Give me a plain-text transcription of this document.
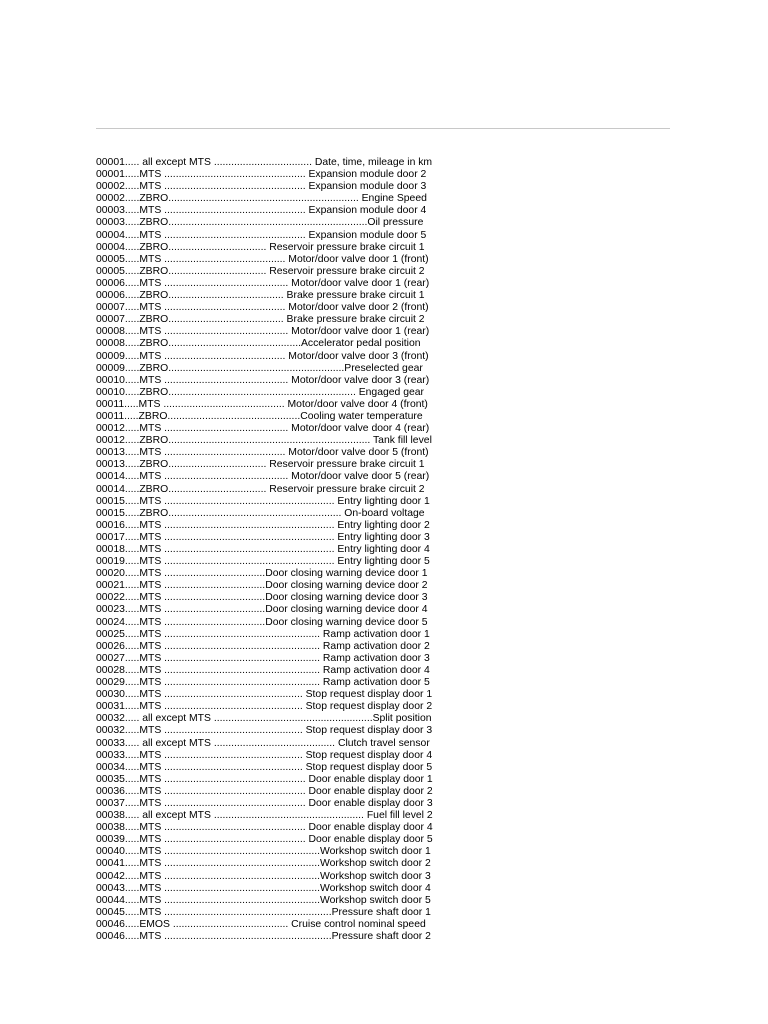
00001..... all except MTS .................................. Date, time, mileage in km
00001.....MTS ................................................. Expansion module door 2
00002.....MTS ................................................. Expansion module door 3
00002.....ZBRO.................................................................. Engine Speed
00003.....MTS ................................................. Expansion module door 4
00003.....ZBRO.....................................................................Oil pressure
00004.....MTS ................................................. Expansion module door 5
00004.....ZBRO.................................. Reservoir pressure brake circuit 1
00005.....MTS .......................................... Motor/door valve door 1 (front)
00005.....ZBRO.................................. Reservoir pressure brake circuit 2
00006.....MTS ........................................... Motor/door valve door 1 (rear)
00006.....ZBRO........................................ Brake pressure brake circuit 1
00007.....MTS .......................................... Motor/door valve door 2 (front)
00007.....ZBRO........................................ Brake pressure brake circuit 2
00008.....MTS ........................................... Motor/door valve door 1 (rear)
00008.....ZBRO..............................................Accelerator pedal position
00009.....MTS .......................................... Motor/door valve door 3 (front)
00009.....ZBRO.............................................................Preselected gear
00010.....MTS ........................................... Motor/door valve door 3 (rear)
00010.....ZBRO................................................................. Engaged gear
00011.....MTS .......................................... Motor/door valve door 4 (front)
00011.....ZBRO..............................................Cooling water temperature
00012.....MTS ........................................... Motor/door valve door 4 (rear)
00012.....ZBRO...................................................................... Tank fill level
00013.....MTS .......................................... Motor/door valve door 5 (front)
00013.....ZBRO.................................. Reservoir pressure brake circuit 1
00014.....MTS ........................................... Motor/door valve door 5 (rear)
00014.....ZBRO.................................. Reservoir pressure brake circuit 2
00015.....MTS ........................................................... Entry lighting door 1
00015.....ZBRO............................................................ On-board voltage
00016.....MTS ........................................................... Entry lighting door 2
00017.....MTS ........................................................... Entry lighting door 3
00018.....MTS ........................................................... Entry lighting door 4
00019.....MTS ........................................................... Entry lighting door 5
00020.....MTS ...................................Door closing warning device door 1
00021.....MTS ...................................Door closing warning device door 2
00022.....MTS ...................................Door closing warning device door 3
00023.....MTS ...................................Door closing warning device door 4
00024.....MTS ...................................Door closing warning device door 5
00025.....MTS ...................................................... Ramp activation door 1
00026.....MTS ...................................................... Ramp activation door 2
00027.....MTS ...................................................... Ramp activation door 3
00028.....MTS ...................................................... Ramp activation door 4
00029.....MTS ...................................................... Ramp activation door 5
00030.....MTS ................................................ Stop request display door 1
00031.....MTS ................................................ Stop request display door 2
00032..... all except MTS .......................................................Split position
00032.....MTS ................................................ Stop request display door 3
00033..... all except MTS .......................................... Clutch travel sensor
00033.....MTS ................................................ Stop request display door 4
00034.....MTS ................................................ Stop request display door 5
00035.....MTS ................................................. Door enable display door 1
00036.....MTS ................................................. Door enable display door 2
00037.....MTS ................................................. Door enable display door 3
00038..... all except MTS .................................................... Fuel fill level 2
00038.....MTS ................................................. Door enable display door 4
00039.....MTS ................................................. Door enable display door 5
00040.....MTS ......................................................Workshop switch door 1
00041.....MTS ......................................................Workshop switch door 2
00042.....MTS ......................................................Workshop switch door 3
00043.....MTS ......................................................Workshop switch door 4
00044.....MTS ......................................................Workshop switch door 5
00045.....MTS ..........................................................Pressure shaft door 1
00046.....EMOS ........................................ Cruise control nominal speed
00046.....MTS ..........................................................Pressure shaft door 2
